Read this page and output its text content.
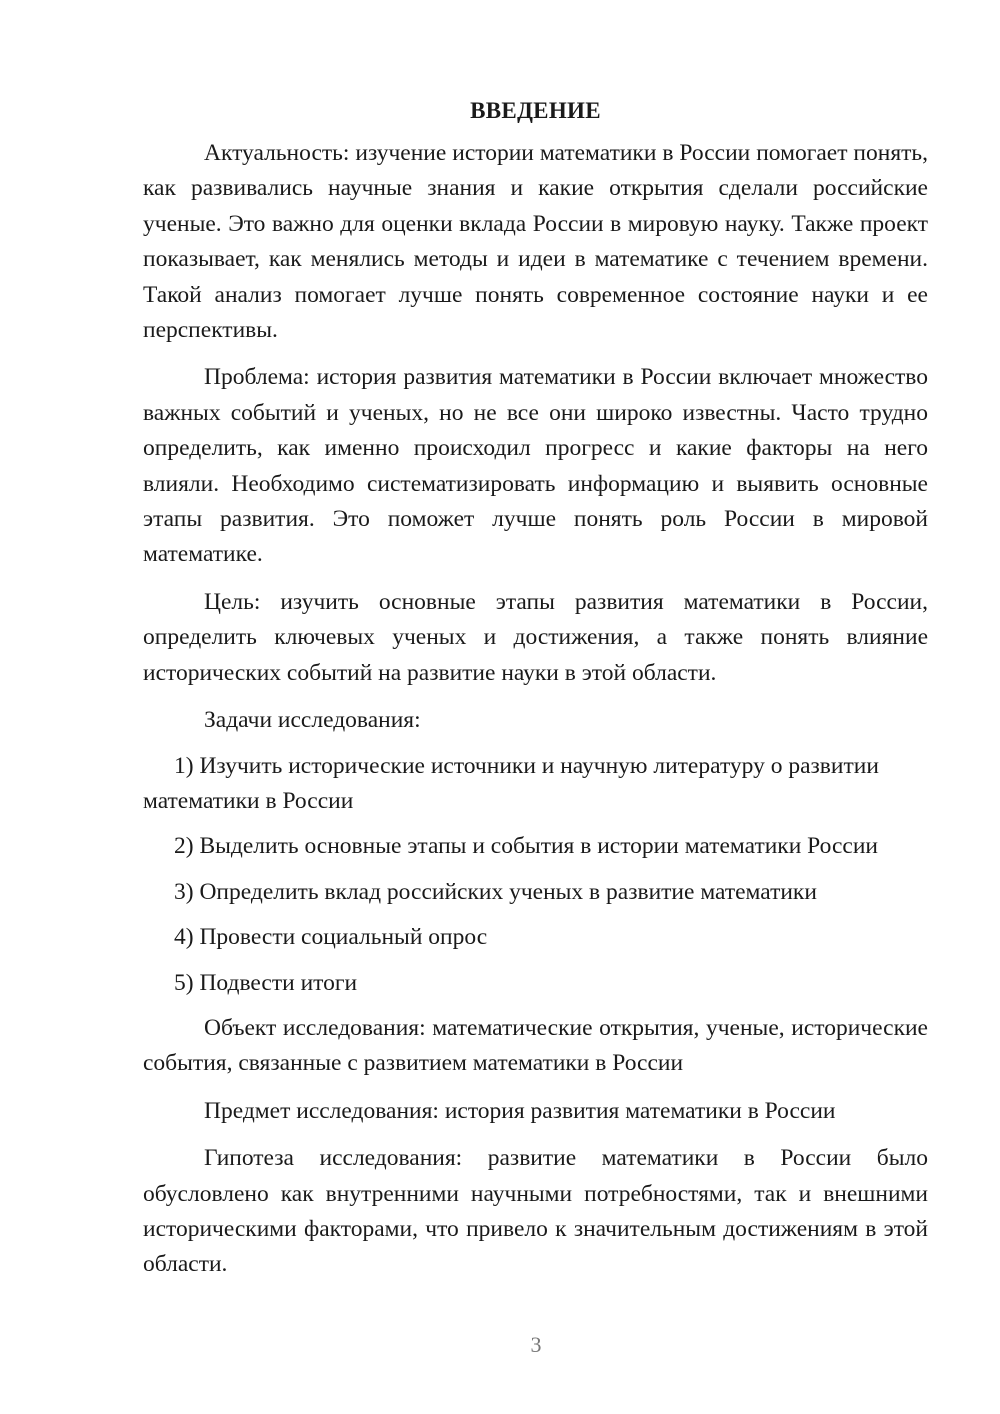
ВВЕДЕНИЕ

Актуальность: изучение истории математики в России помогает понять, как развивались научные знания и какие открытия сделали российские ученые. Это важно для оценки вклада России в мировую науку. Также проект показывает, как менялись методы и идеи в математике с течением времени. Такой анализ помогает лучше понять современное состояние науки и ее перспективы.

Проблема: история развития математики в России включает множество важных событий и ученых, но не все они широко известны. Часто трудно определить, как именно происходил прогресс и какие факторы на него влияли. Необходимо систематизировать информацию и выявить основные этапы развития. Это поможет лучше понять роль России в мировой математике.

Цель: изучить основные этапы развития математики в России, определить ключевых ученых и достижения, а также понять влияние исторических событий на развитие науки в этой области.

Задачи исследования:

1) Изучить исторические источники и научную литературу о развитии математики в России

2) Выделить основные этапы и события в истории математики России

3) Определить вклад российских ученых в развитие математики

4) Провести социальный опрос

5) Подвести итоги

Объект исследования: математические открытия, ученые, исторические события, связанные с развитием математики в России

Предмет исследования: история развития математики в России

Гипотеза исследования: развитие математики в России было обусловлено как внутренними научными потребностями, так и внешними историческими факторами, что привело к значительным достижениям в этой области.

3
